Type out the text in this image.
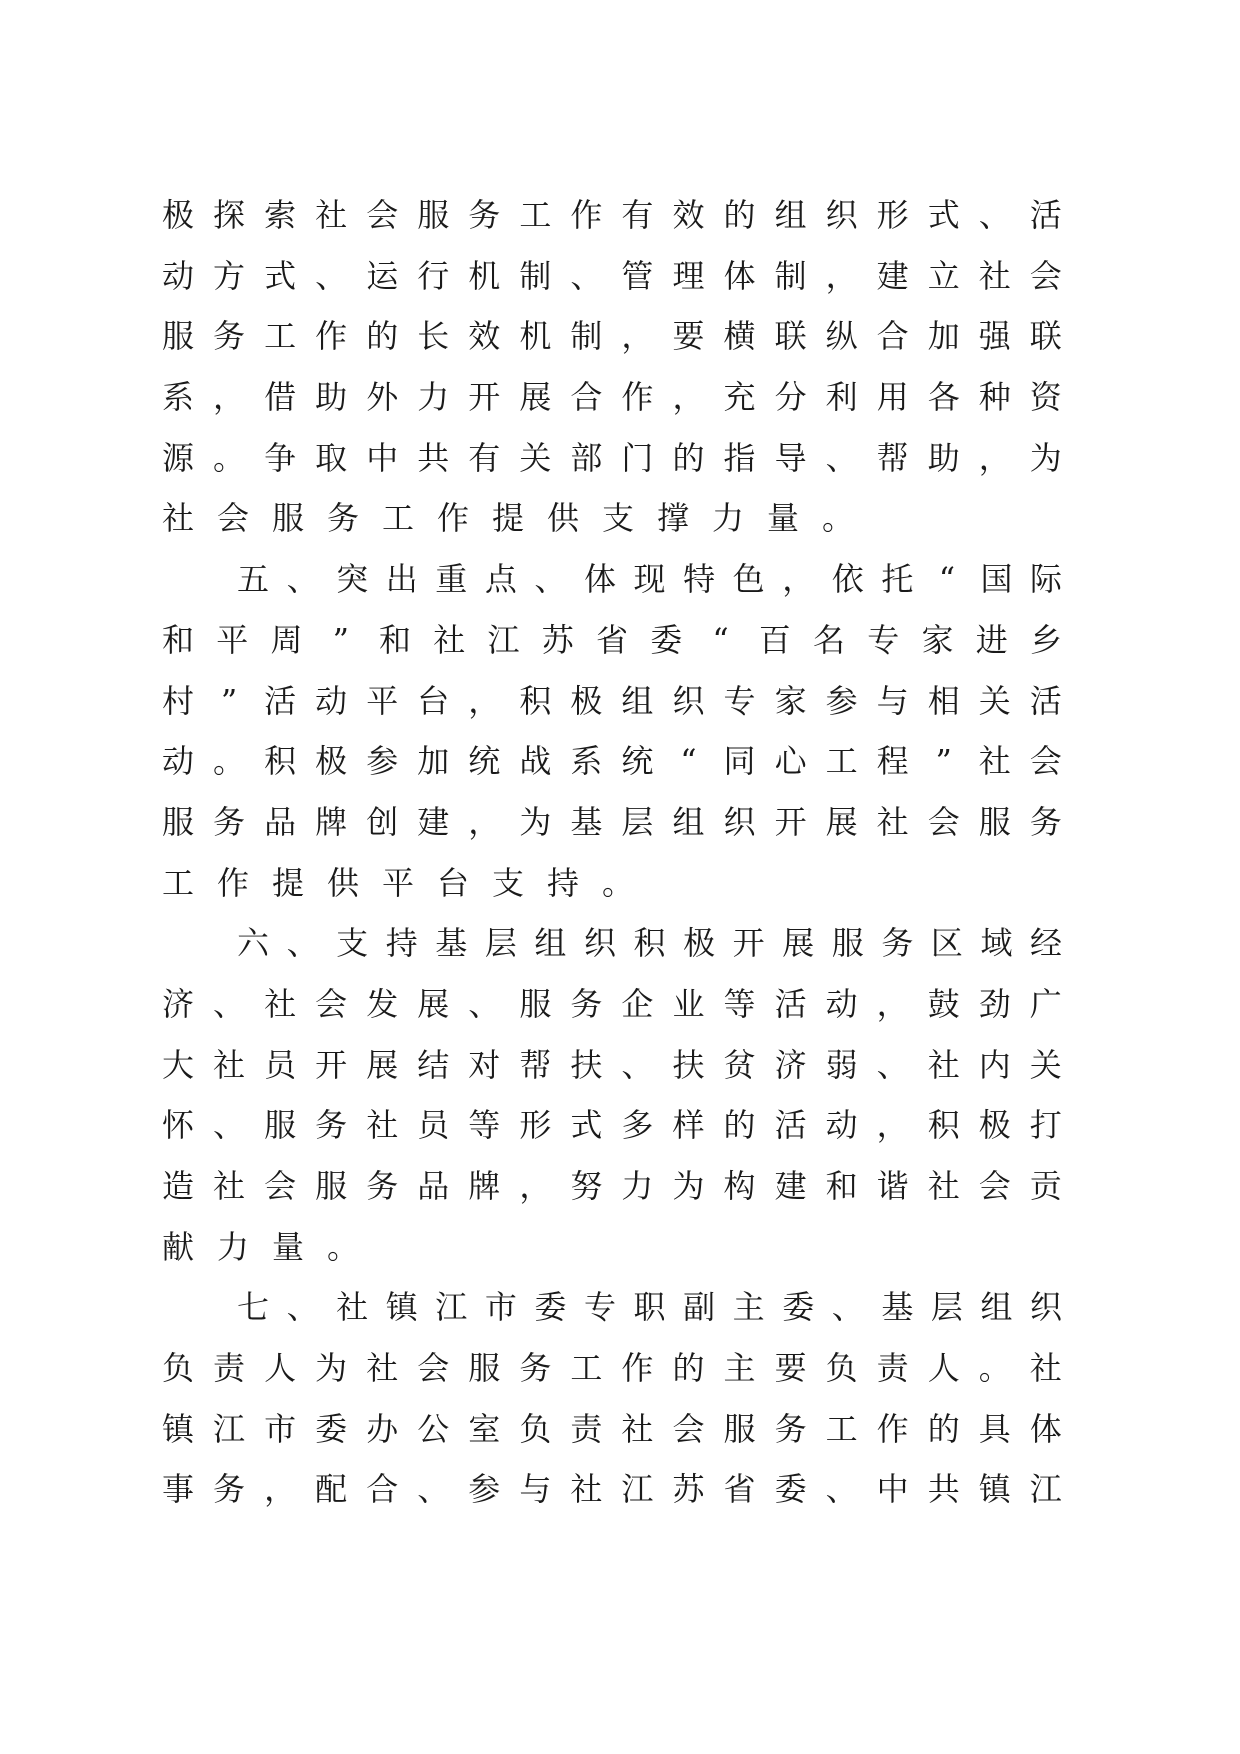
极 探 索 社 会 服 务 工 作 有 效 的 组 织 形 式 、 活
动 方 式 、 运 行 机 制 、 管 理 体 制 ， 建 立 社 会
服 务 工 作 的 长 效 机 制 ， 要 横 联 纵 合 加 强 联
系 ， 借 助 外 力 开 展 合 作 ， 充 分 利 用 各 种 资
源 。 争 取 中 共 有 关 部 门 的 指 导 、 帮 助 ， 为
社 会 服 务 工 作 提 供 支 撑 力 量 。
五 、 突 出 重 点 、 体 现 特 色 ， 依 托 “ 国 际
和 平 周 ” 和 社 江 苏 省 委 “ 百 名 专 家 进 乡
村 ” 活 动 平 台 ， 积 极 组 织 专 家 参 与 相 关 活
动 。 积 极 参 加 统 战 系 统 “ 同 心 工 程 ” 社 会
服 务 品 牌 创 建 ， 为 基 层 组 织 开 展 社 会 服 务
工 作 提 供 平 台 支 持 。
六 、 支 持 基 层 组 织 积 极 开 展 服 务 区 域 经
济 、 社 会 发 展 、 服 务 企 业 等 活 动 ， 鼓 劲 广
大 社 员 开 展 结 对 帮 扶 、 扶 贫 济 弱 、 社 内 关
怀 、 服 务 社 员 等 形 式 多 样 的 活 动 ， 积 极 打
造 社 会 服 务 品 牌 ， 努 力 为 构 建 和 谐 社 会 贡
献 力 量 。
七 、 社 镇 江 市 委 专 职 副 主 委 、 基 层 组 织
负 责 人 为 社 会 服 务 工 作 的 主 要 负 责 人 。 社
镇 江 市 委 办 公 室 负 责 社 会 服 务 工 作 的 具 体
事 务 ， 配 合 、 参 与 社 江 苏 省 委 、 中 共 镇 江
